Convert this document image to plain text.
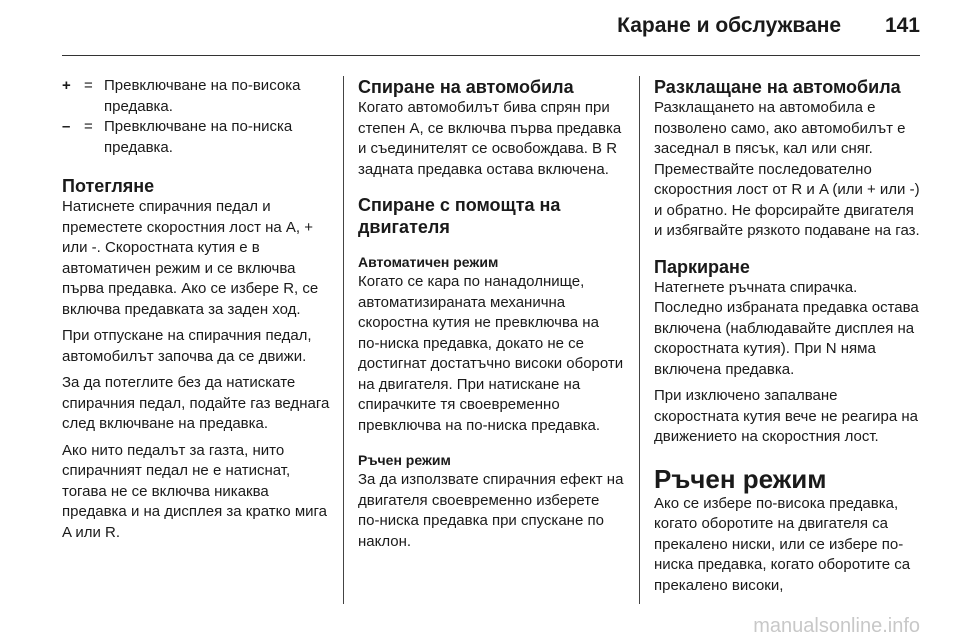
Каране и обслужване 141
+ = Превключване на по-висока предавка.
– = Превключване на по-ниска предавка.
Потегляне

Натиснете спирачния педал и преместете скоростния лост на A, + или -. Скоростната кутия е в автоматичен режим и се включва първа предавка. Ако се избере R, се включва предавката за заден ход.

При отпускане на спирачния педал, автомобилът започва да се движи.

За да потеглите без да натискате спирачния педал, подайте газ веднага след включване на предавка.

Ако нито педалът за газта, нито спирачният педал не е натиснат, тогава не се включва никаква предавка и на дисплея за кратко мига A или R.

Спиране на автомобила

Когато автомобилът бива спрян при степен A, се включва първа предавка и съединителят се освобождава. В R задната предавка остава включена.

Спиране с помощта на двигателя
Автоматичен режим

Когато се кара по нанадолнище, автоматизираната механична скоростна кутия не превключва на по-ниска предавка, докато не се достигнат достатъчно високи обороти на двигателя. При натискане на спирачките тя своевременно превключва на по-ниска предавка.

Ръчен режим

За да използвате спирачния ефект на двигателя своевременно изберете по-ниска предавка при спускане по наклон.

Разклащане на автомобила

Разклащането на автомобила е позволено само, ако автомобилът е заседнал в пясък, кал или сняг. Премествайте последователно скоростния лост от R и A (или + или -) и обратно. Не форсирайте двигателя и избягвайте рязкото подаване на газ.

Паркиране

Натегнете ръчната спирачка. Последно избраната предавка остава включена (наблюдавайте дисплея на скоростната кутия). При N няма включена предавка.

При изключено запалване скоростната кутия вече не реагира на движението на скоростния лост.

Ръчен режим

Ако се избере по-висока предавка, когато оборотите на двигателя са прекалено ниски, или се избере по-ниска предавка, когато оборотите са прекалено високи,

manualsonline.info
